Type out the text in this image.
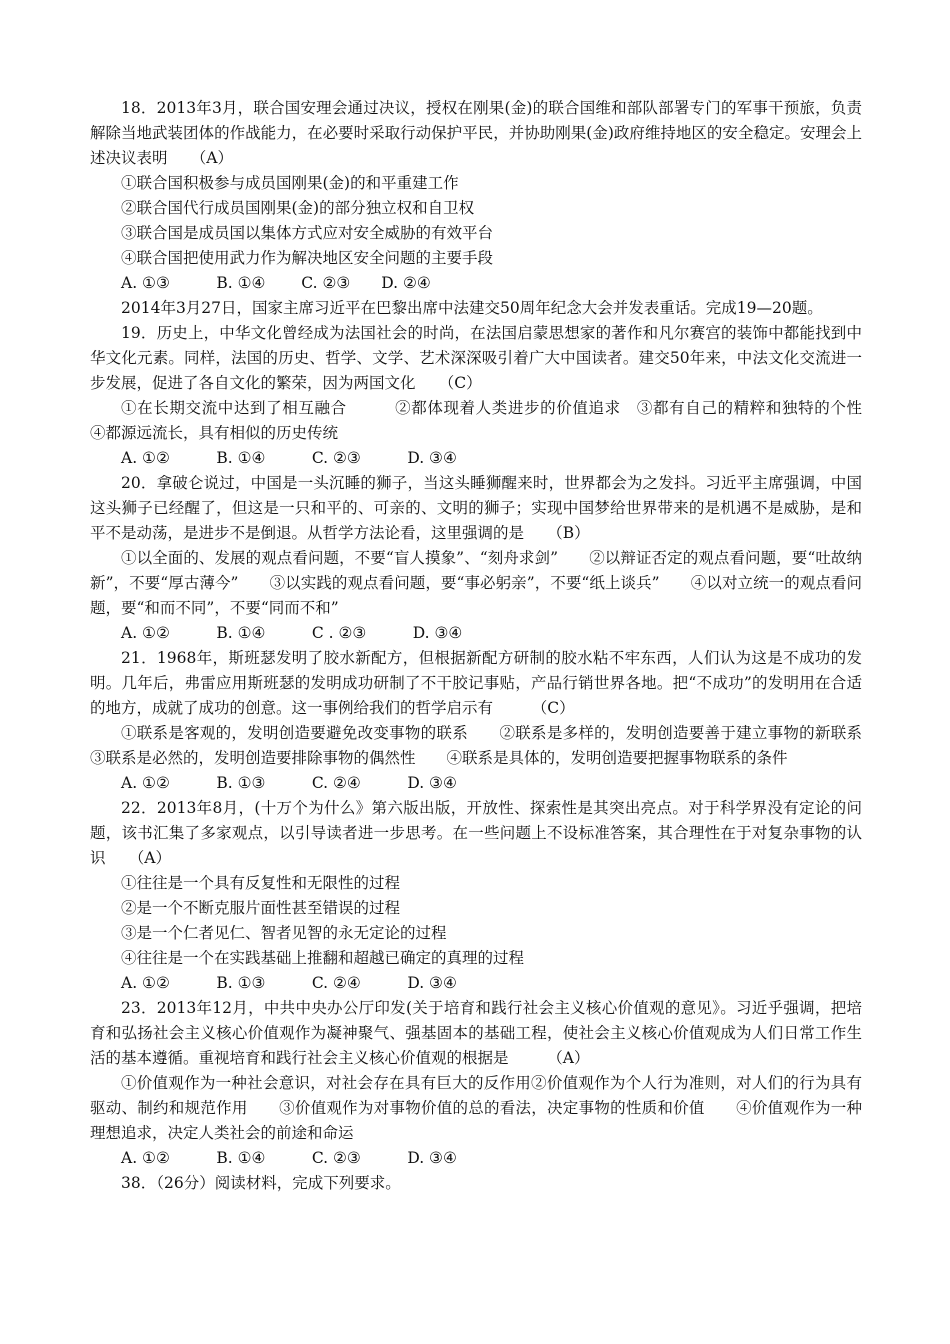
18．2013年3月，联合国安理会通过决议，授权在刚果(金)的联合国维和部队部署专门的军事干预旅，负责解除当地武装团体的作战能力，在必要时采取行动保护平民，并协助刚果(金)政府维持地区的安全稳定。安理会上述决议表明　　（A）

①联合国积极参与成员国刚果(金)的和平重建工作

②联合国代行成员国刚果(金)的部分独立权和自卫权

③联合国是成员国以集体方式应对安全威胁的有效平台

④联合国把使用武力作为解决地区安全问题的主要手段

A. ①③　　　B. ①④　　 C. ②③　　D. ②④

2014年3月27日，国家主席习近平在巴黎出席中法建交50周年纪念大会并发表重话。完成19—20题。

19．历史上，中华文化曾经成为法国社会的时尚，在法国启蒙思想家的著作和凡尔赛宫的装饰中都能找到中华文化元素。同样，法国的历史、哲学、文学、艺术深深吸引着广大中国读者。建交50年来，中法文化交流进一步发展，促进了各自文化的繁荣，因为两国文化　　（C）

①在长期交流中达到了相互融合　　　②都体现着人类进步的价值追求　③都有自己的精粹和独特的个性　　　④都源远流长，具有相似的历史传统

A. ①②　　　B. ①④　　　C. ②③　　　D. ③④

20．拿破仑说过，中国是一头沉睡的狮子，当这头睡狮醒来时，世界都会为之发抖。习近平主席强调，中国这头狮子已经醒了，但这是一只和平的、可亲的、文明的狮子；实现中国梦给世界带来的是机遇不是威胁，是和平不是动荡，是进步不是倒退。从哲学方法论看，这里强调的是　　（B）

①以全面的、发展的观点看问题，不要“盲人摸象”、“刻舟求剑”　　②以辩证否定的观点看问题，要“吐故纳新”，不要“厚古薄今”　　③以实践的观点看问题，要“事必躬亲”，不要“纸上谈兵”　　④以对立统一的观点看问题，要“和而不同”，不要“同而不和”

A. ①②　　　B. ①④　　　C . ②③　　　D. ③④

21．1968年，斯班瑟发明了胶水新配方，但根据新配方研制的胶水粘不牢东西，人们认为这是不成功的发明。几年后，弗雷应用斯班瑟的发明成功研制了不干胶记事贴，产品行销世界各地。把“不成功”的发明用在合适的地方，成就了成功的创意。这一事例给我们的哲学启示有　　　（C）

①联系是客观的，发明创造要避免改变事物的联系　　②联系是多样的，发明创造要善于建立事物的新联系　　③联系是必然的，发明创造要排除事物的偶然性　　④联系是具体的，发明创造要把握事物联系的条件

A. ①②　　　B. ①③　　　C. ②④　　　D. ③④

22．2013年8月，(十万个为什么》第六版出版，开放性、探索性是其突出亮点。对于科学界没有定论的问题，该书汇集了多家观点，以引导读者进一步思考。在一些问题上不设标准答案，其合理性在于对复杂事物的认识　　（A）

①往往是一个具有反复性和无限性的过程

②是一个不断克服片面性甚至错误的过程

③是一个仁者见仁、智者见智的永无定论的过程

④往往是一个在实践基础上推翻和超越已确定的真理的过程

A. ①②　　　B. ①③　　　C. ②④　　　D. ③④

23．2013年12月，中共中央办公厅印发(关于培育和践行社会主义核心价值观的意见》。习近乎强调，把培育和弘扬社会主义核心价值观作为凝神聚气、强基固本的基础工程，使社会主义核心价值观成为人们日常工作生活的基本遵循。重视培育和践行社会主义核心价值观的根据是　　　（A）

①价值观作为一种社会意识，对社会存在具有巨大的反作用②价值观作为个人行为准则，对人们的行为具有驱动、制约和规范作用　　③价值观作为对事物价值的总的看法，决定事物的性质和价值　　④价值观作为一种理想追求，决定人类社会的前途和命运

A. ①②　　　B. ①④　　　C. ②③　　　D. ③④

38．（26分）阅读材料，完成下列要求。
